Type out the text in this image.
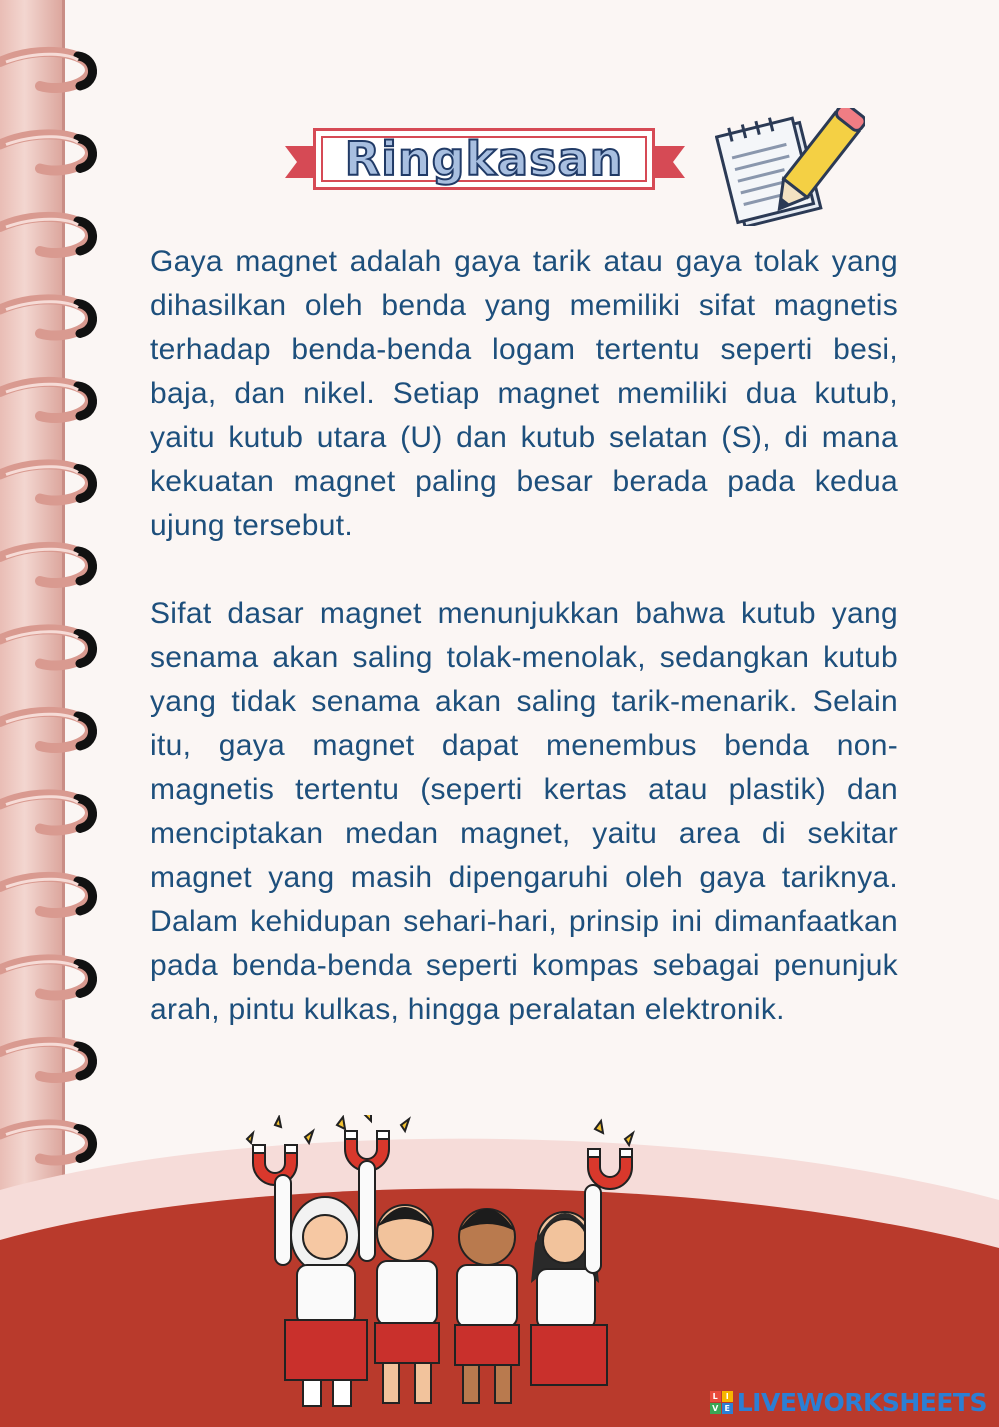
Ringkasan
Gaya magnet adalah gaya tarik atau gaya tolak yang dihasilkan oleh benda yang memiliki sifat magnetis terhadap benda-benda logam tertentu seperti besi, baja, dan nikel. Setiap magnet memiliki dua kutub, yaitu kutub utara (U) dan kutub selatan (S), di mana kekuatan magnet paling besar berada pada kedua ujung tersebut.
Sifat dasar magnet menunjukkan bahwa kutub yang senama akan saling tolak-menolak, sedangkan kutub yang tidak senama akan saling tarik-menarik. Selain itu, gaya magnet dapat menembus benda non-magnetis tertentu (seperti kertas atau plastik) dan menciptakan medan magnet, yaitu area di sekitar magnet yang masih dipengaruhi oleh gaya tariknya. Dalam kehidupan sehari-hari, prinsip ini dimanfaatkan pada benda-benda seperti kompas sebagai penunjuk arah, pintu kulkas, hingga peralatan elektronik.
L I
V E LIVEWORKSHEETS
